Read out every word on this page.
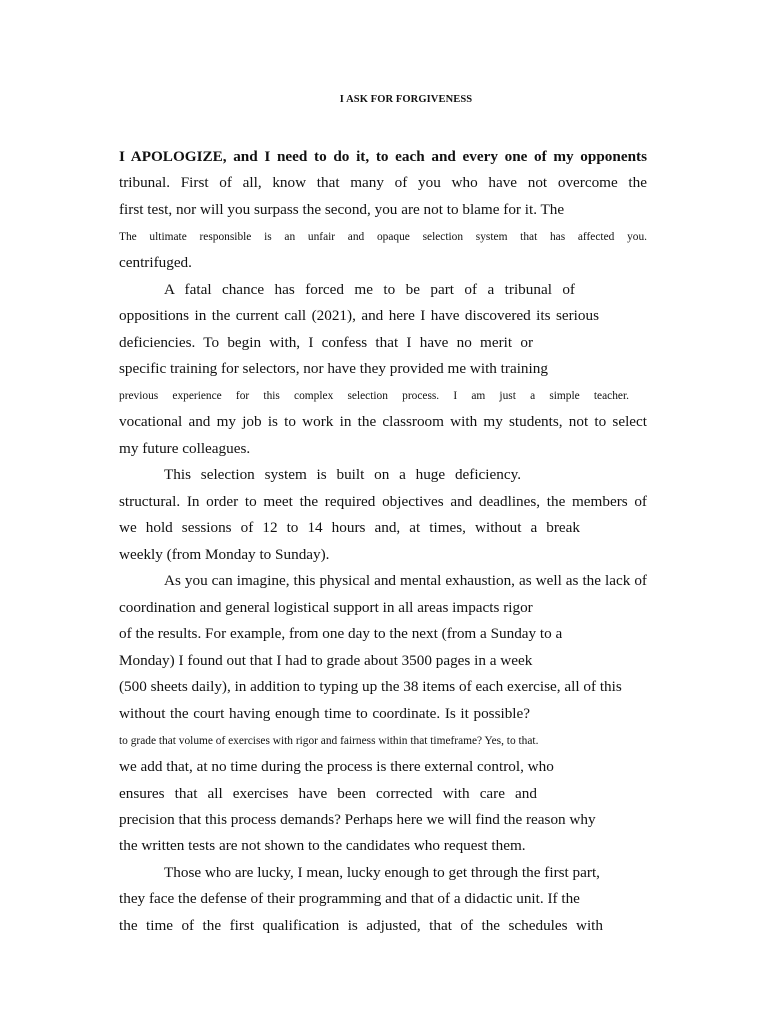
I ASK FOR FORGIVENESS

I APOLOGIZE, and I need to do it, to each and every one of my opponents

tribunal. First of all, know that many of you who have not overcome the

first test, nor will you surpass the second, you are not to blame for it. The

The ultimate responsible is an unfair and opaque selection system that has affected you.

centrifuged.

A fatal chance has forced me to be part of a tribunal of

oppositions in the current call (2021), and here I have discovered its serious

deficiencies. To begin with, I confess that I have no merit or

specific training for selectors, nor have they provided me with training

previous experience for this complex selection process. I am just a simple teacher.

vocational and my job is to work in the classroom with my students, not to select

my future colleagues.

This selection system is built on a huge deficiency.

structural. In order to meet the required objectives and deadlines, the members of

we hold sessions of 12 to 14 hours and, at times, without a break

weekly (from Monday to Sunday).

As you can imagine, this physical and mental exhaustion, as well as the lack of

coordination and general logistical support in all areas impacts rigor

of the results. For example, from one day to the next (from a Sunday to a

Monday) I found out that I had to grade about 3500 pages in a week

(500 sheets daily), in addition to typing up the 38 items of each exercise, all of this

without the court having enough time to coordinate. Is it possible?

to grade that volume of exercises with rigor and fairness within that timeframe? Yes, to that.

we add that, at no time during the process is there external control, who

ensures that all exercises have been corrected with care and

precision that this process demands? Perhaps here we will find the reason why

the written tests are not shown to the candidates who request them.

Those who are lucky, I mean, lucky enough to get through the first part,

they face the defense of their programming and that of a didactic unit. If the

the time of the first qualification is adjusted, that of the schedules with
